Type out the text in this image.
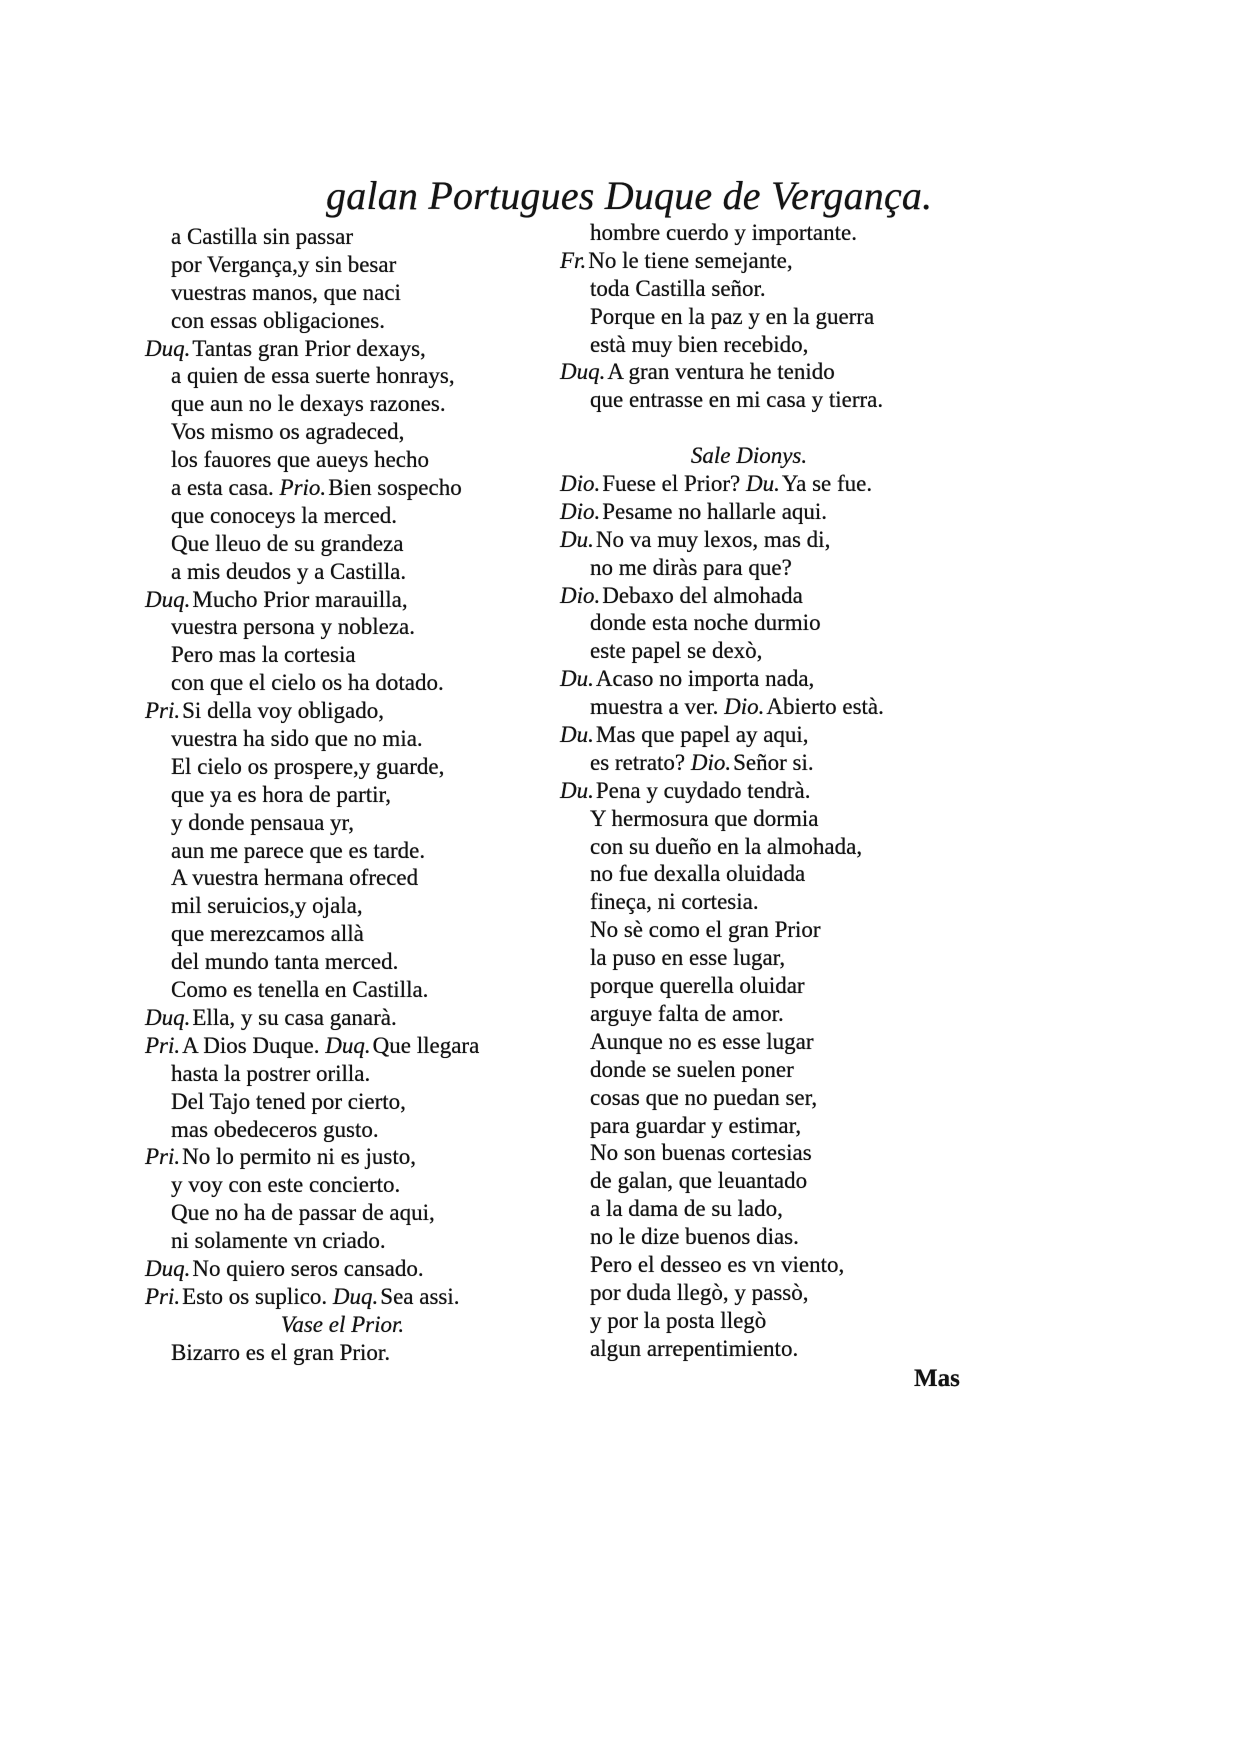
galan Portugues Duque de Vergança.
a Castilla sin passar
por Vergança,y sin besar
vuestras manos, que naci
con essas obligaciones.
Duq.Tantas gran Prior dexays,
a quien de essa suerte honrays,
que aun no le dexays razones.
Vos mismo os agradeced,
los fauores que aueys hecho
a esta casa. Prio.Bien sospecho
que conoceys la merced.
Que lleuo de su grandeza
a mis deudos y a Castilla.
Duq.Mucho Prior marauilla,
vuestra persona y nobleza.
Pero mas la cortesia
con que el cielo os ha dotado.
Pri.Si della voy obligado,
vuestra ha sido que no mia.
El cielo os prospere,y guarde,
que ya es hora de partir,
y donde pensaua yr,
aun me parece que es tarde.
A vuestra hermana ofreced
mil seruicios,y ojala,
que merezcamos allà
del mundo tanta merced.
Como es tenella en Castilla.
Duq.Ella, y su casa ganarà.
Pri.A Dios Duque. Duq.Que llegara
hasta la postrer orilla.
Del Tajo tened por cierto,
mas obedeceros gusto.
Pri.No lo permito ni es justo,
y voy con este concierto.
Que no ha de passar de aqui,
ni solamente vn criado.
Duq.No quiero seros cansado.
Pri.Esto os suplico. Duq.Sea assi.
Vase el Prior.
Bizarro es el gran Prior.
hombre cuerdo y importante.
Fr.No le tiene semejante,
toda Castilla señor.
Porque en la paz y en la guerra
està muy bien recebido,
Duq.A gran ventura he tenido
que entrasse en mi casa y tierra.
Sale Dionys.
Dio.Fuese el Prior? Du.Ya se fue.
Dio.Pesame no hallarle aqui.
Du.No va muy lexos, mas di,
no me diràs para que?
Dio.Debaxo del almohada
donde esta noche durmio
este papel se dexò,
Du.Acaso no importa nada,
muestra a ver. Dio.Abierto està.
Du.Mas que papel ay aqui,
es retrato? Dio.Señor si.
Du.Pena y cuydado tendrà.
Y hermosura que dormia
con su dueño en la almohada,
no fue dexalla oluidada
fineça, ni cortesia.
No sè como el gran Prior
la puso en esse lugar,
porque querella oluidar
arguye falta de amor.
Aunque no es esse lugar
donde se suelen poner
cosas que no puedan ser,
para guardar y estimar,
No son buenas cortesias
de galan, que leuantado
a la dama de su lado,
no le dize buenos dias.
Pero el desseo es vn viento,
por duda llegò, y passò,
y por la posta llegò
algun arrepentimiento.
Mas
